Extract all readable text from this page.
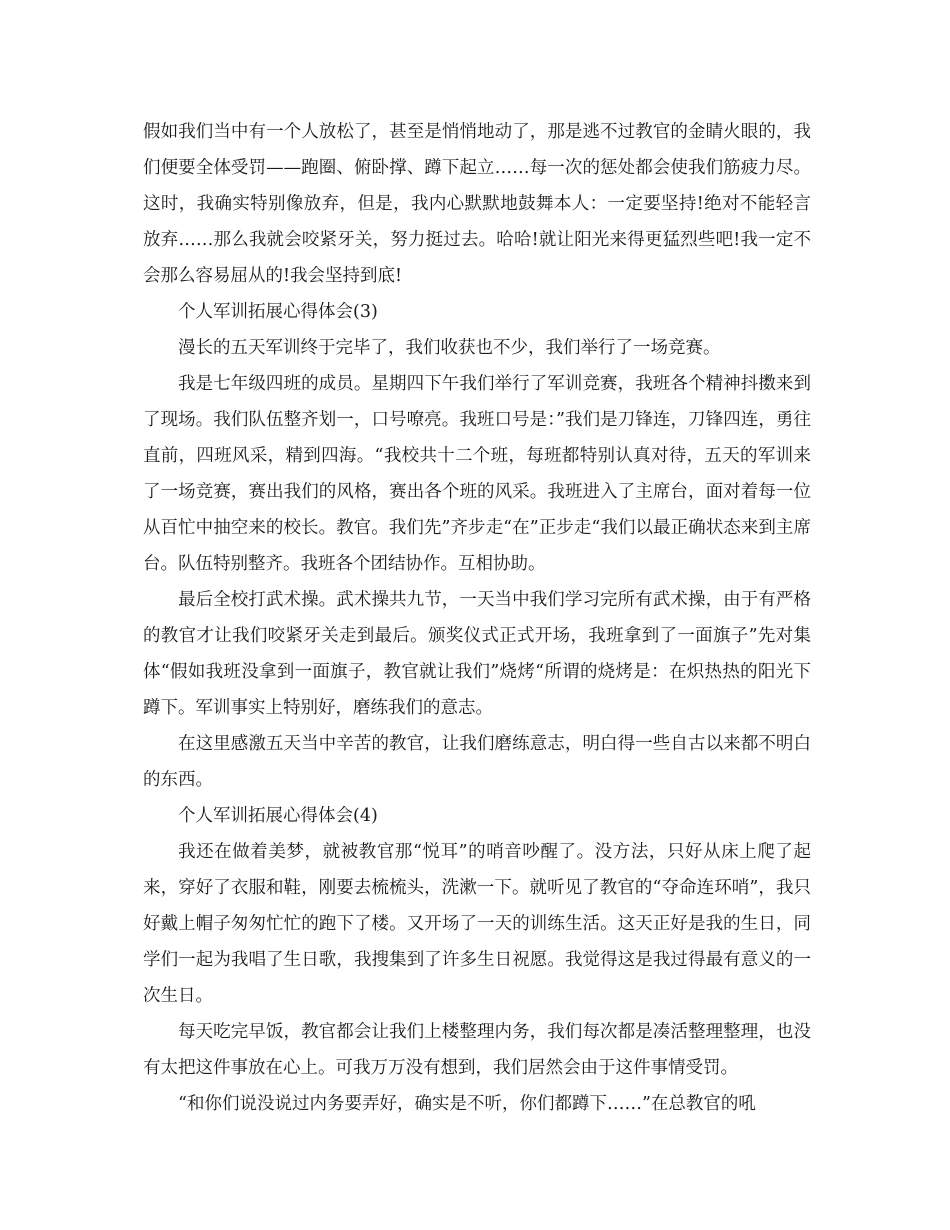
假如我们当中有一个人放松了，甚至是悄悄地动了，那是逃不过教官的金睛火眼的，我们便要全体受罚——跑圈、俯卧撑、蹲下起立……每一次的惩处都会使我们筋疲力尽。这时，我确实特别像放弃，但是，我内心默默地鼓舞本人：一定要坚持!绝对不能轻言放弃……那么我就会咬紧牙关，努力挺过去。哈哈!就让阳光来得更猛烈些吧!我一定不会那么容易屈从的!我会坚持到底!

个人军训拓展心得体会(3)

漫长的五天军训终于完毕了，我们收获也不少，我们举行了一场竞赛。

我是七年级四班的成员。星期四下午我们举行了军训竞赛，我班各个精神抖擞来到了现场。我们队伍整齐划一，口号嘹亮。我班口号是：”我们是刀锋连，刀锋四连，勇往直前，四班风采，精到四海。“我校共十二个班，每班都特别认真对待，五天的军训来了一场竞赛，赛出我们的风格，赛出各个班的风采。我班进入了主席台，面对着每一位从百忙中抽空来的校长。教官。我们先”齐步走“在”正步走“我们以最正确状态来到主席台。队伍特别整齐。我班各个团结协作。互相协助。

最后全校打武术操。武术操共九节，一天当中我们学习完所有武术操，由于有严格的教官才让我们咬紧牙关走到最后。颁奖仪式正式开场，我班拿到了一面旗子”先对集体“假如我班没拿到一面旗子，教官就让我们”烧烤“所谓的烧烤是：在炽热热的阳光下蹲下。军训事实上特别好，磨练我们的意志。

在这里感激五天当中辛苦的教官，让我们磨练意志，明白得一些自古以来都不明白的东西。

个人军训拓展心得体会(4)

我还在做着美梦，就被教官那“悦耳”的哨音吵醒了。没方法，只好从床上爬了起来，穿好了衣服和鞋，刚要去梳梳头，洗漱一下。就听见了教官的“夺命连环哨”，我只好戴上帽子匆匆忙忙的跑下了楼。又开场了一天的训练生活。这天正好是我的生日，同学们一起为我唱了生日歌，我搜集到了许多生日祝愿。我觉得这是我过得最有意义的一次生日。

每天吃完早饭，教官都会让我们上楼整理内务，我们每次都是凑活整理整理，也没有太把这件事放在心上。可我万万没有想到，我们居然会由于这件事情受罚。

“和你们说没说过内务要弄好，确实是不听，你们都蹲下……”在总教官的吼
